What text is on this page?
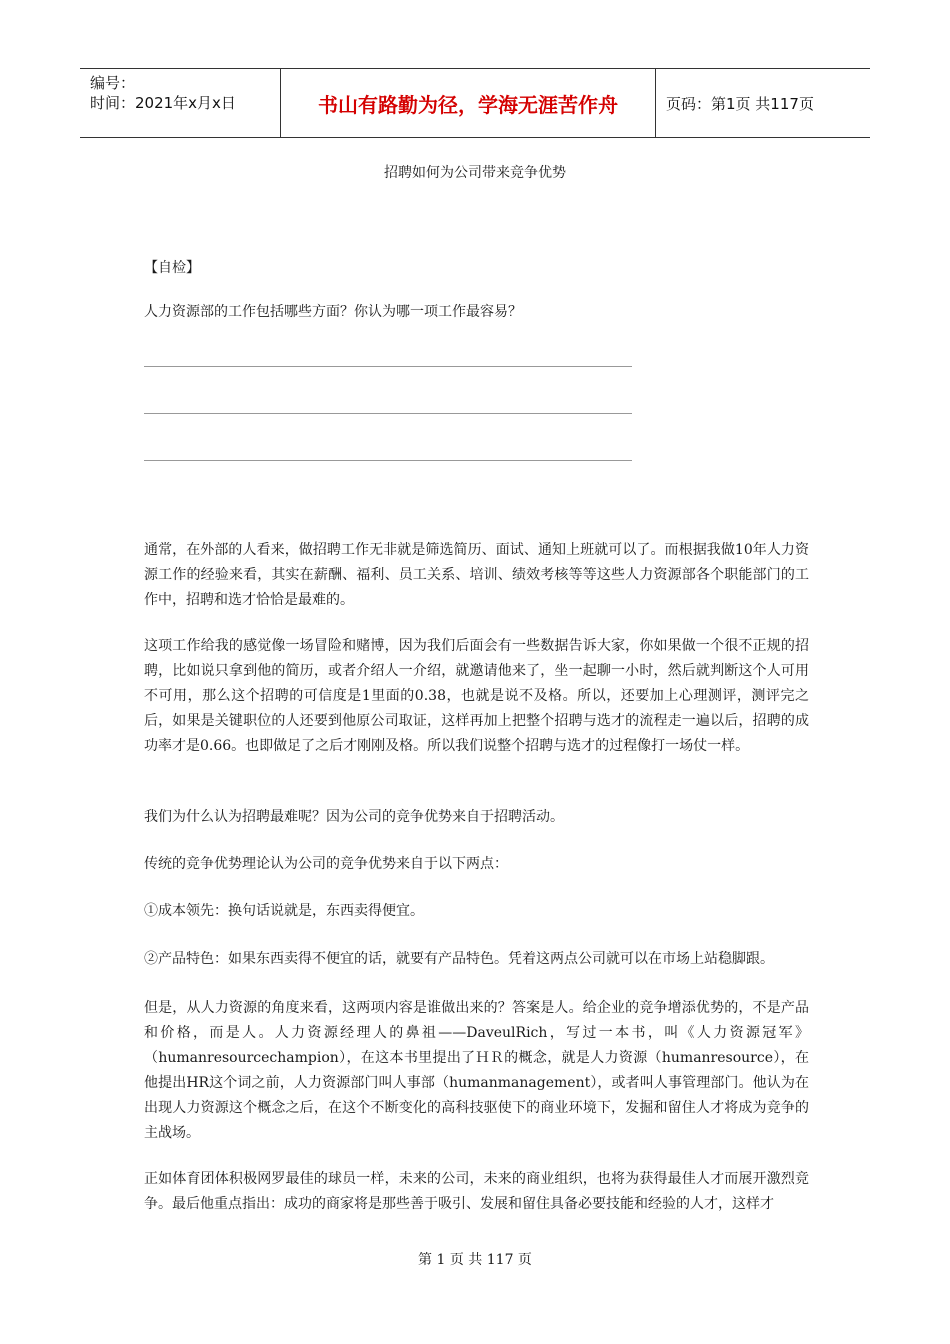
编号：
时间：2021年x月x日	书山有路勤为径，学海无涯苦作舟	页码：第1页 共117页
招聘如何为公司带来竞争优势
【自检】
人力资源部的工作包括哪些方面？你认为哪一项工作最容易？

通常，在外部的人看来，做招聘工作无非就是筛选简历、面试、通知上班就可以了。而根据我做10年人力资源工作的经验来看，其实在薪酬、福利、员工关系、培训、绩效考核等等这些人力资源部各个职能部门的工作中，招聘和选才恰恰是最难的。

这项工作给我的感觉像一场冒险和赌博，因为我们后面会有一些数据告诉大家，你如果做一个很不正规的招聘，比如说只拿到他的简历，或者介绍人一介绍，就邀请他来了，坐一起聊一小时，然后就判断这个人可用不可用，那么这个招聘的可信度是1里面的0.38，也就是说不及格。所以，还要加上心理测评，测评完之后，如果是关键职位的人还要到他原公司取证，这样再加上把整个招聘与选才的流程走一遍以后，招聘的成功率才是0.66。也即做足了之后才刚刚及格。所以我们说整个招聘与选才的过程像打一场仗一样。

我们为什么认为招聘最难呢？因为公司的竞争优势来自于招聘活动。

传统的竞争优势理论认为公司的竞争优势来自于以下两点：

①成本领先：换句话说就是，东西卖得便宜。

②产品特色：如果东西卖得不便宜的话，就要有产品特色。凭着这两点公司就可以在市场上站稳脚跟。

但是，从人力资源的角度来看，这两项内容是谁做出来的？答案是人。给企业的竞争增添优势的，不是产品和价格，而是人。人力资源经理人的鼻祖——DaveulRich，写过一本书，叫《人力资源冠军》（humanresourcechampion），在这本书里提出了ＨＲ的概念，就是人力资源（humanresource），在他提出HR这个词之前，人力资源部门叫人事部（humanmanagement），或者叫人事管理部门。他认为在出现人力资源这个概念之后，在这个不断变化的高科技驱使下的商业环境下，发掘和留住人才将成为竞争的主战场。

正如体育团体积极网罗最佳的球员一样，未来的公司，未来的商业组织，也将为获得最佳人才而展开激烈竞争。最后他重点指出：成功的商家将是那些善于吸引、发展和留住具备必要技能和经验的人才，这样才

第 1 页 共 117 页
